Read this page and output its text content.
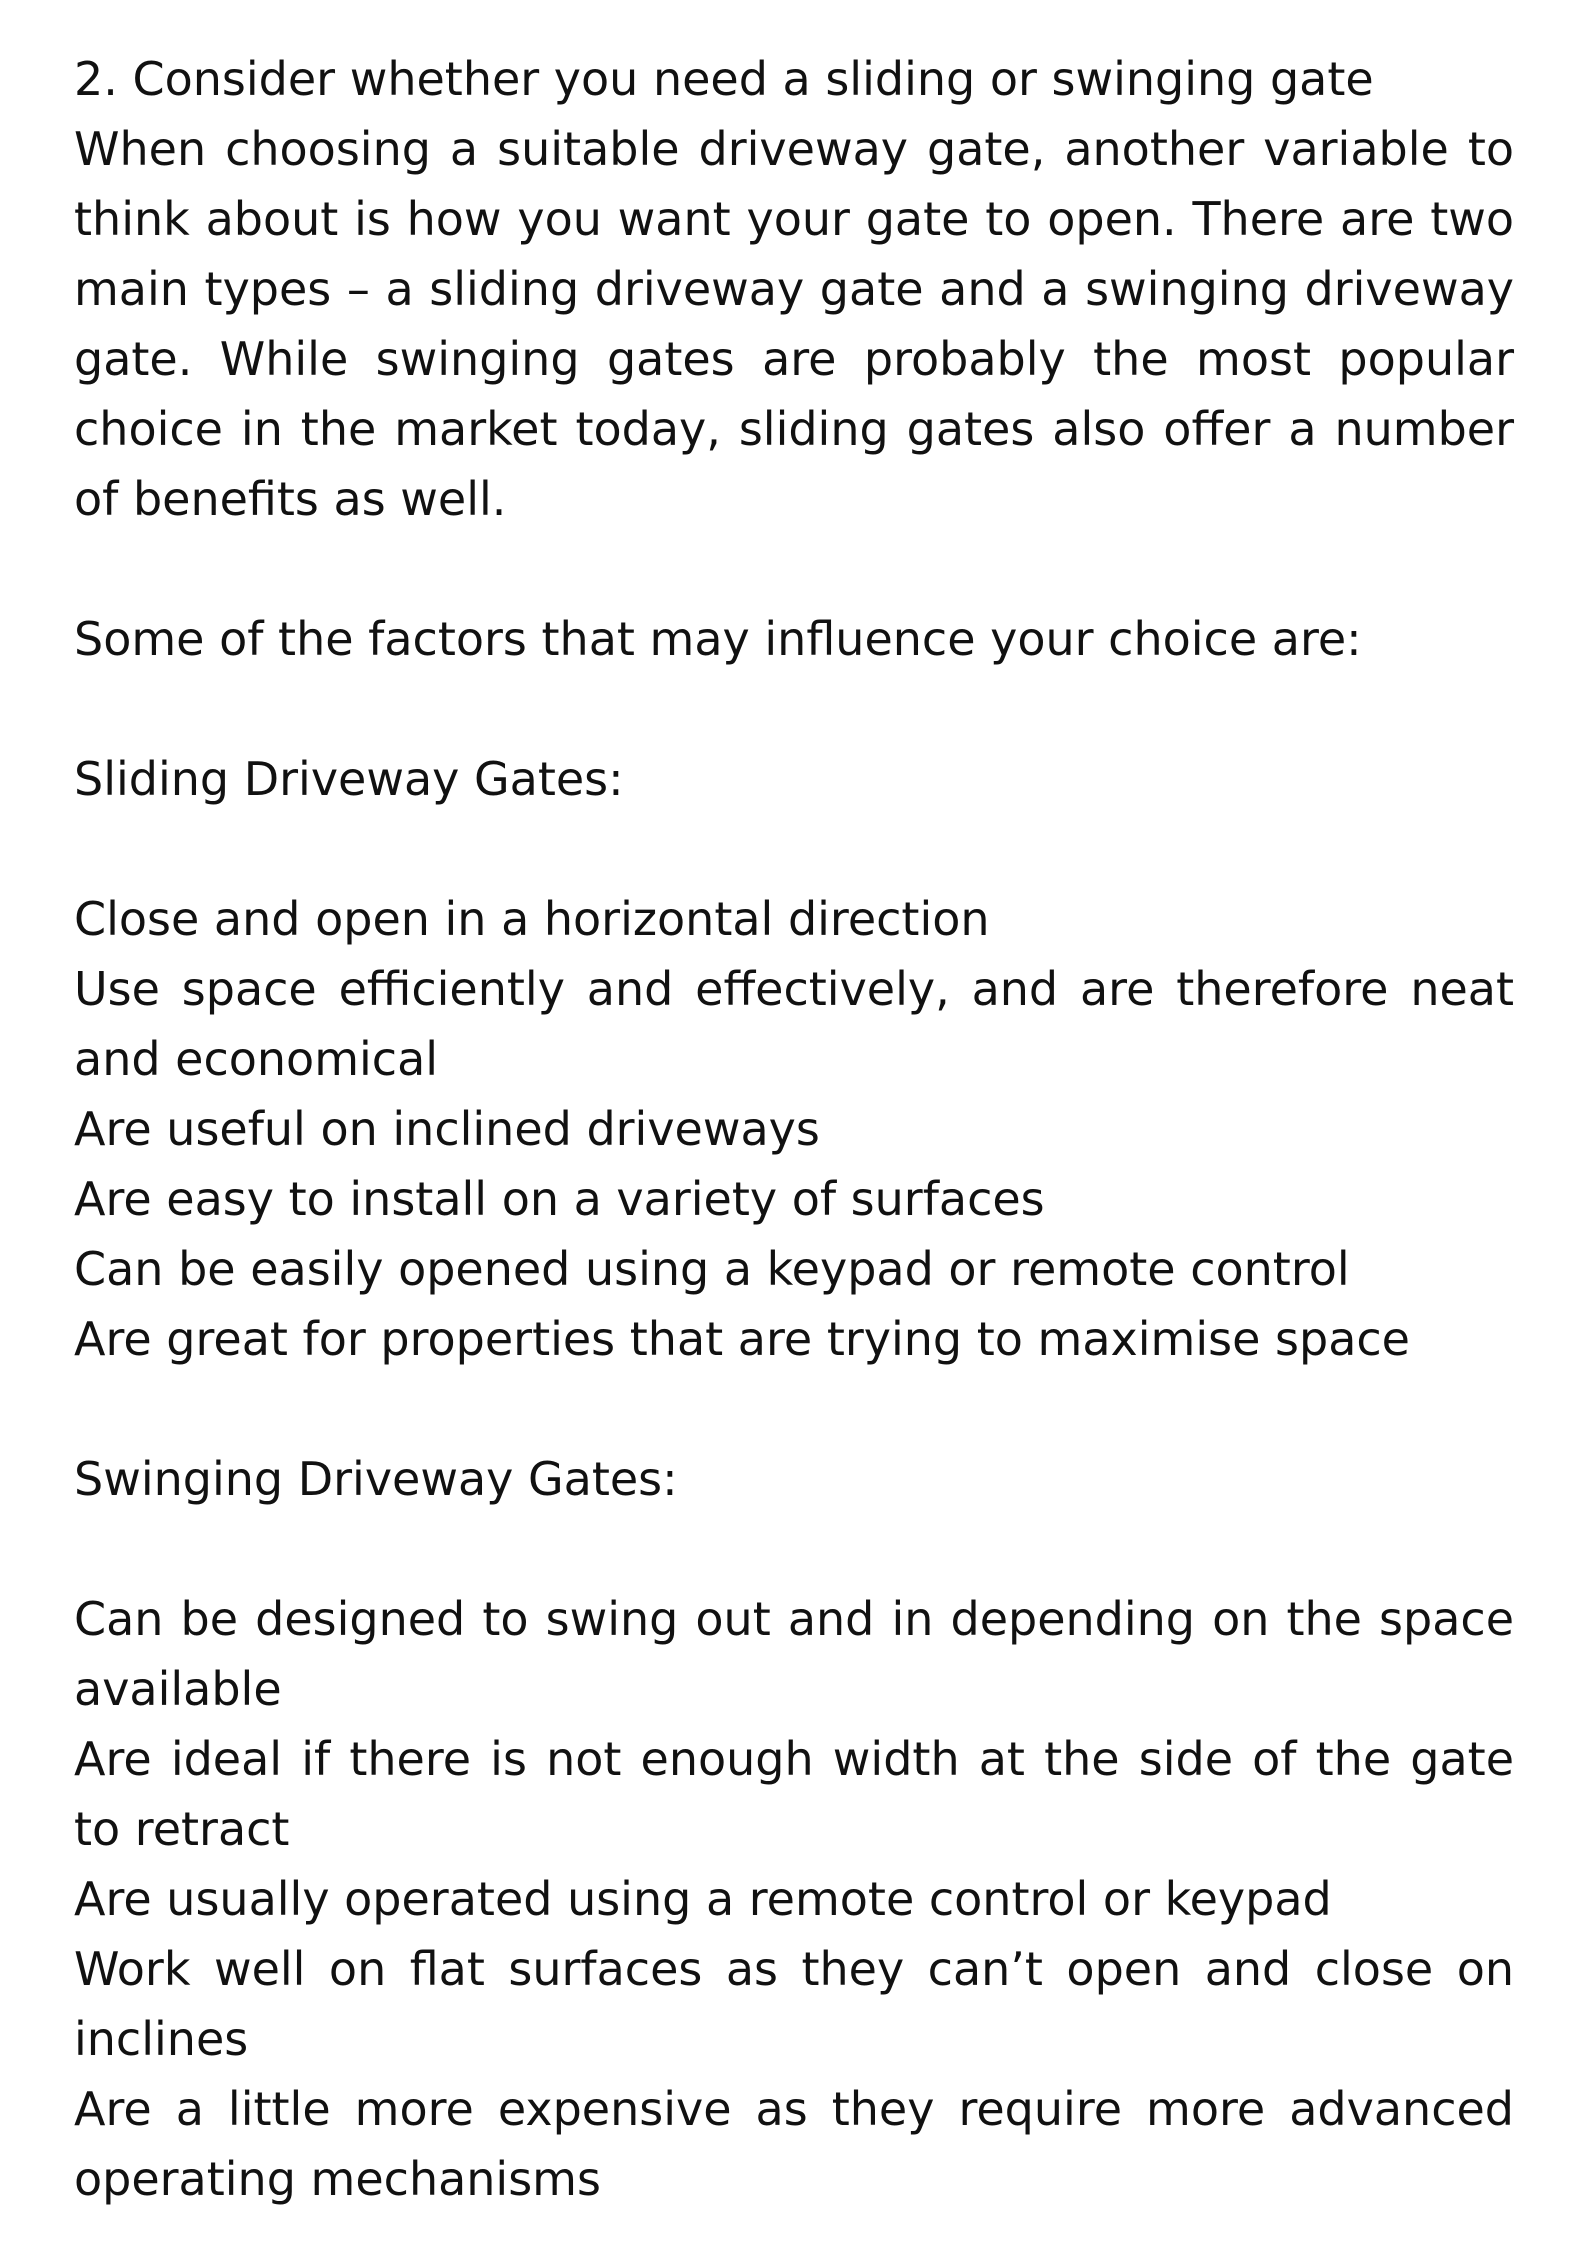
2. Consider whether you need a sliding or swinging gate

When choosing a suitable driveway gate, another variable to think about is how you want your gate to open. There are two main types – a sliding driveway gate and a swinging driveway gate. While swinging gates are probably the most popular choice in the market today, sliding gates also offer a number of benefits as well.

Some of the factors that may influence your choice are:

Sliding Driveway Gates:

Close and open in a horizontal direction
Use space efficiently and effectively, and are therefore neat and economical
Are useful on inclined driveways
Are easy to install on a variety of surfaces
Can be easily opened using a keypad or remote control
Are great for properties that are trying to maximise space

Swinging Driveway Gates:

Can be designed to swing out and in depending on the space available
Are ideal if there is not enough width at the side of the gate to retract
Are usually operated using a remote control or keypad
Work well on flat surfaces as they can’t open and close on inclines
Are a little more expensive as they require more advanced operating mechanisms
